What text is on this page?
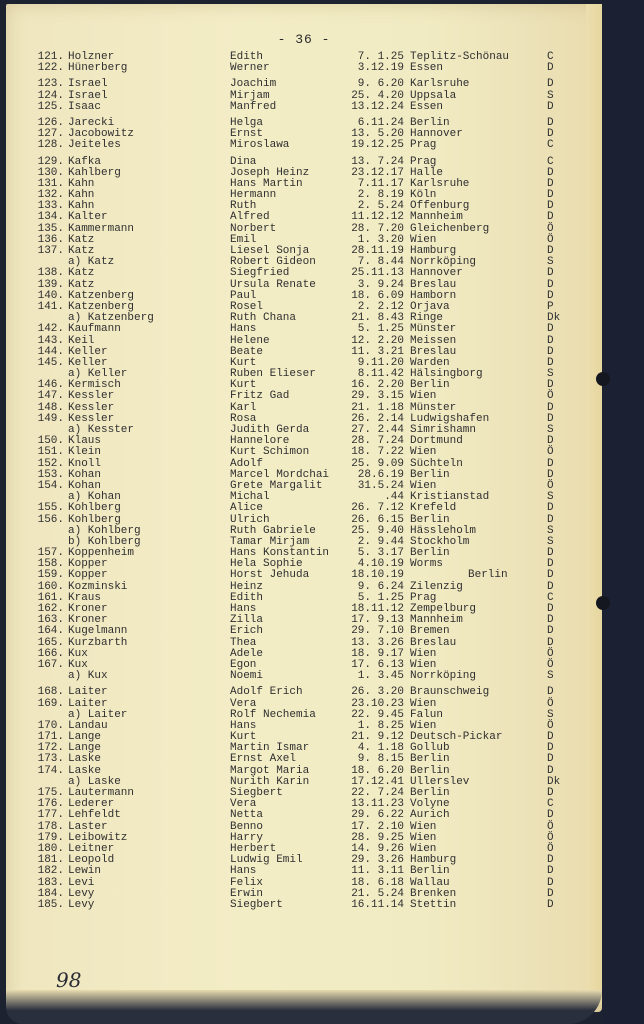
- 36 -
121. Holzner	Edith	7. 1.25 Teplitz-Schönau	C
122. Hünerberg	Werner	3.12.19 Essen	D
123. Israel	Joachim	9. 6.20 Karlsruhe	D
124. Israel	Mirjam	25. 4.20 Uppsala	S
125. Isaac	Manfred	13.12.24 Essen	D
126. Jarecki	Helga	6.11.24 Berlin	D
127. Jacobowitz	Ernst	13. 5.20 Hannover	D
128. Jeiteles	Miroslawa	19.12.25 Prag	C
129. Kafka	Dina	13. 7.24 Prag	C
130. Kahlberg	Joseph Heinz	23.12.17 Halle	D
131. Kahn	Hans Martin	7.11.17 Karlsruhe	D
132. Kahn	Hermann	2. 8.19 Köln	D
133. Kahn	Ruth	2. 5.24 Offenburg	D
134. Kalter	Alfred	11.12.12 Mannheim	D
135. Kammermann	Norbert	28. 7.20 Gleichenberg	Ö
136. Katz	Emil	1. 3.20 Wien	Ö
137. Katz	Liesel Sonja	28.11.19 Hamburg	D
a) Katz	Robert Gideon	7. 8.44 Norrköping	S
138. Katz	Siegfried	25.11.13 Hannover	D
139. Katz	Ursula Renate	3. 9.24 Breslau	D
140. Katzenberg	Paul	18. 6.09 Hamborn	D
141. Katzenberg	Rosel	2. 2.12 Orjava	P
a) Katzenberg	Ruth Chana	21. 8.43 Ringe	Dk
142. Kaufmann	Hans	5. 1.25 Münster	D
143. Keil	Helene	12. 2.20 Meissen	D
144. Keller	Beate	11. 3.21 Breslau	D
145. Keller	Kurt	9.11.20 Warden	D
a) Keller	Ruben Elieser	8.11.42 Hälsingborg	S
146. Kermisch	Kurt	16. 2.20 Berlin	D
147. Kessler	Fritz Gad	29. 3.15 Wien	Ö
148. Kessler	Karl	21. 1.18 Münster	D
149. Kessler	Rosa	26. 2.14 Ludwigshafen	D
a) Kesster	Judith Gerda	27. 2.44 Simrishamn	S
150. Klaus	Hannelore	28. 7.24 Dortmund	D
151. Klein	Kurt Schimon	18. 7.22 Wien	Ö
152. Knoll	Adolf	25. 9.09 Süchteln	D
153. Kohan	Marcel Mordchai	28.6.19 Berlin	D
154. Kohan	Grete Margalit	31.5.24 Wien	Ö
a) Kohan	Michal	.44 Kristianstad	S
155. Kohlberg	Alice	26. 7.12 Krefeld	D
156. Kohlberg	Ulrich	26. 6.15 Berlin	D
a) Kohlberg	Ruth Gabriele	25. 9.40 Hässleholm	S
b) Kohlberg	Tamar Mirjam	2. 9.44 Stockholm	S
157. Koppenheim	Hans Konstantin	5. 3.17 Berlin	D
158. Kopper	Hela Sophie	4.10.19 Worms	D
159. Kopper	Horst Jehuda	18.10.19	Berlin	D
160. Kozminski	Heinz	9. 6.24 Zilenzig	D
161. Kraus	Edith	5. 1.25 Prag	C
162. Kroner	Hans	18.11.12 Zempelburg	D
163. Kroner	Zilla	17. 9.13 Mannheim	D
164. Kugelmann	Erich	29. 7.10 Bremen	D
165. Kurzbarth	Thea	13. 3.26 Breslau	D
166. Kux	Adele	18. 9.17 Wien	Ö
167. Kux	Egon	17. 6.13 Wien	Ö
a) Kux	Noemi	1. 3.45 Norrköping	S
168. Laiter	Adolf Erich	26. 3.20 Braunschweig	D
169. Laiter	Vera	23.10.23 Wien	Ö
a) Laiter	Rolf Nechemia	22. 9.45 Falun	S
170. Landau	Hans	1. 8.25 Wien	Ö
171. Lange	Kurt	21. 9.12 Deutsch-Pickar	D
172. Lange	Martin Ismar	4. 1.18 Gollub	D
173. Laske	Ernst Axel	9. 8.15 Berlin	D
174. Laske	Margot Maria	18. 6.20 Berlin	D
a) Laske	Nurith Karin	17.12.41 Ullerslev	Dk
175. Lautermann	Siegbert	22. 7.24 Berlin	D
176. Lederer	Vera	13.11.23 Volyne	C
177. Lehfeldt	Netta	29. 6.22 Aurich	D
178. Laster	Benno	17. 2.10 Wien	Ö
179. Leibowitz	Harry	28. 9.25 Wien	Ö
180. Leitner	Herbert	14. 9.26 Wien	Ö
181. Leopold	Ludwig Emil	29. 3.26 Hamburg	D
182. Lewin	Hans	11. 3.11 Berlin	D
183. Levi	Felix	18. 6.18 Wallau	D
184. Levy	Erwin	21. 5.24 Brenken	D
185. Levy	Siegbert	16.11.14 Stettin	D
98
